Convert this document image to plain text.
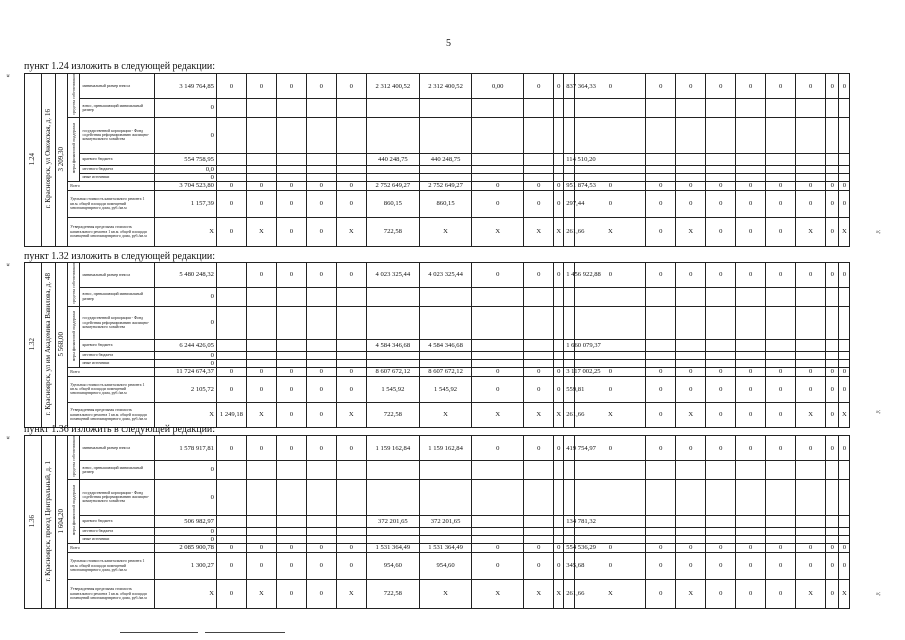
5
пункт 1.24 изложить в следующей редакции:
«
1.24	г. Красноярск, ул Онежская, д. 16	3 209,30	средства собственников	минимальный размер взноса	3 149 764,85	0	0	0	0	0	2 312 400,52	2 312 400,52	0,00	0	0	837 364,33	0	0	0	0	0	0	0	0	0
				взнос, превышающий минимальный размер	0																				
			меры финансовой поддержки	государственной корпорации - Фонд содействия реформированию жилищно-коммунального хозяйства	0																				
				краевого бюджета	554 758,95						440 248,75	440 248,75				114 510,20									
				местного бюджета	0,0																				
				иные источники	0																				
			Всего		3 704 523,80	0	0	0	0	0	2 752 649,27	2 752 649,27	0	0	0	951 874,53	0	0	0	0	0	0	0	0	0
			Удельная стоимость капитального ремонта 1 кв.м. общей площади помещений многоквартирного дома, руб./кв.м		1 157,39	0	0	0	0	0	860,15	860,15	0	0	0	297,44	0	0	0	0	0	0	0	0	0
			Утвержденная предельная стоимость капитального ремонта 1 кв.м. общей площади помещений многоквартирного дома, руб./кв.м		X	0	X	0	0	X	722,58	X	X	X	X	261,66	X	0	X	0	0	0	X	0	X	»;
пункт 1.32 изложить в следующей редакции:
«
1.32	г. Красноярск, ул им Академика Вавилова, д. 48	5 568,00	средства собственников	минимальный размер взноса	5 480 248,32		0	0	0	0	4 023 325,44	4 023 325,44	0	0	0	1 456 922,88	0	0	0	0	0	0	0	0	0
				взнос, превышающий минимальный размер	0																				
			меры финансовой поддержки	государственной корпорации - Фонд содействия реформированию жилищно-коммунального хозяйства	0																				
				краевого бюджета	6 244 426,05						4 584 346,68	4 584 346,68				1 660 079,37									
				местного бюджета	0																				
				иные источники	0																				
			Всего		11 724 674,37	0	0	0	0	0	8 607 672,12	8 607 672,12	0	0	0	3 117 002,25	0	0	0	0	0	0	0	0	0
			Удельная стоимость капитального ремонта 1 кв.м. общей площади помещений многоквартирного дома, руб./кв.м		2 105,72	0	0	0	0	0	1 545,92	1 545,92	0	0	0	559,81	0	0	0	0	0	0	0	0	0
			Утвержденная предельная стоимость капитального ремонта 1 кв.м. общей площади помещений многоквартирного дома, руб./кв.м		X	1 249,18	X	0	0	X	722,58	X	X	X	X	261,66	X	0	X	0	0	0	X	0	X	»;
пункт 1.36 изложить в следующей редакции:
«
1.36	г. Красноярск, проезд Центральный, д. 1	1 604,20	средства собственников	минимальный размер взноса	1 578 917,81	0	0	0	0	0	1 159 162,84	1 159 162,84	0	0	0	419 754,97	0	0	0	0	0	0	0	0	0
				взнос, превышающий минимальный размер	0																				
			меры финансовой поддержки	государственной корпорации - Фонд содействия реформированию жилищно-коммунального хозяйства	0																				
				краевого бюджета	506 982,97						372 201,65	372 201,65				134 781,32									
				местного бюджета	0																				
				иные источники	0																				
			Всего		2 085 900,78	0	0	0	0	0	1 531 364,49	1 531 364,49	0	0	0	554 536,29	0	0	0	0	0	0	0	0	0
			Удельная стоимость капитального ремонта 1 кв.м. общей площади помещений многоквартирного дома, руб./кв.м		1 300,27	0	0	0	0	0	954,60	954,60	0	0	0	345,68	0	0	0	0	0	0	0	0	0
			Утвержденная предельная стоимость капитального ремонта 1 кв.м. общей площади помещений многоквартирного дома, руб./кв.м		X	0	X	0	0	X	722,58	X	X	X	X	261,66	X	0	X	0	0	0	X	0	X	»;
